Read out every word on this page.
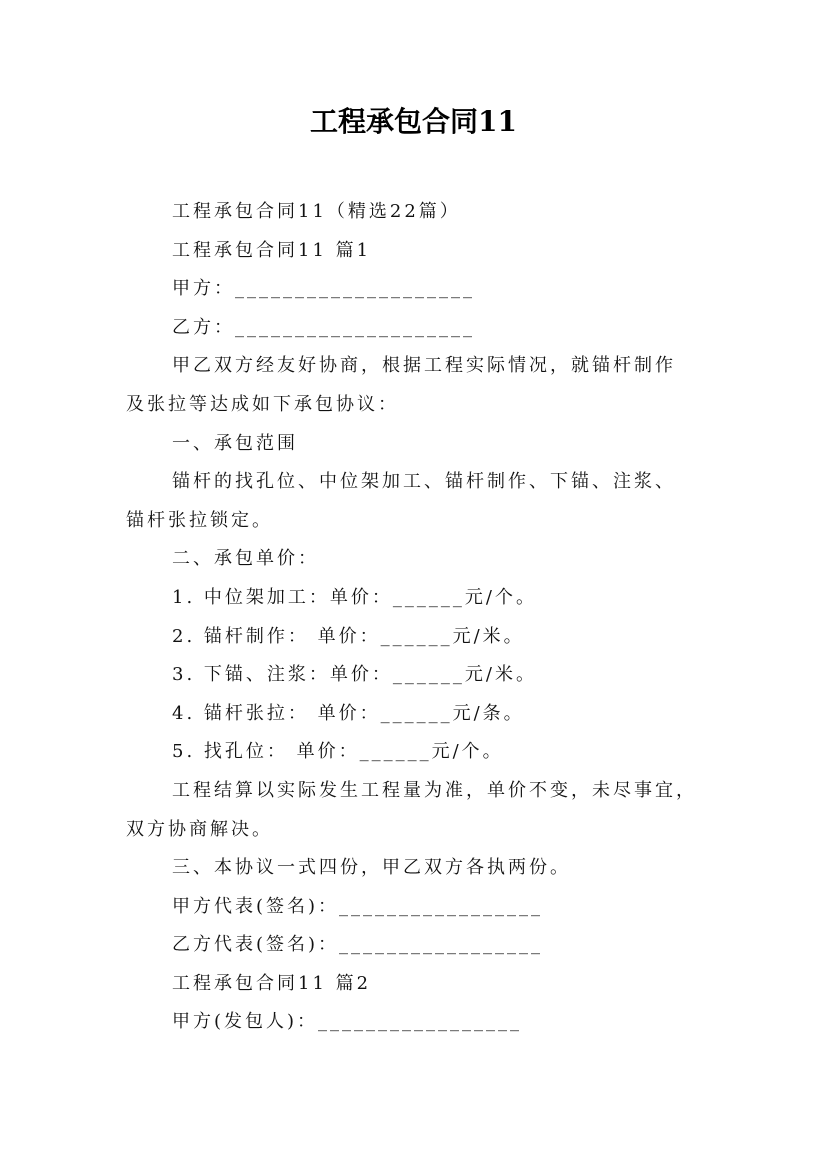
工程承包合同11
工程承包合同11（精选22篇）
工程承包合同11 篇1
甲方：____________________
乙方：____________________
甲乙双方经友好协商，根据工程实际情况，就锚杆制作
及张拉等达成如下承包协议：
一、承包范围
锚杆的找孔位、中位架加工、锚杆制作、下锚、注浆、
锚杆张拉锁定。
二、承包单价：
1. 中位架加工：单价：______元/个。
2. 锚杆制作： 单价：______元/米。
3. 下锚、注浆：单价：______元/米。
4. 锚杆张拉： 单价：______元/条。
5. 找孔位： 单价：______元/个。
工程结算以实际发生工程量为准，单价不变，未尽事宜，
双方协商解决。
三、本协议一式四份，甲乙双方各执两份。
甲方代表(签名)：_________________
乙方代表(签名)：_________________
工程承包合同11 篇2
甲方(发包人)：_________________
